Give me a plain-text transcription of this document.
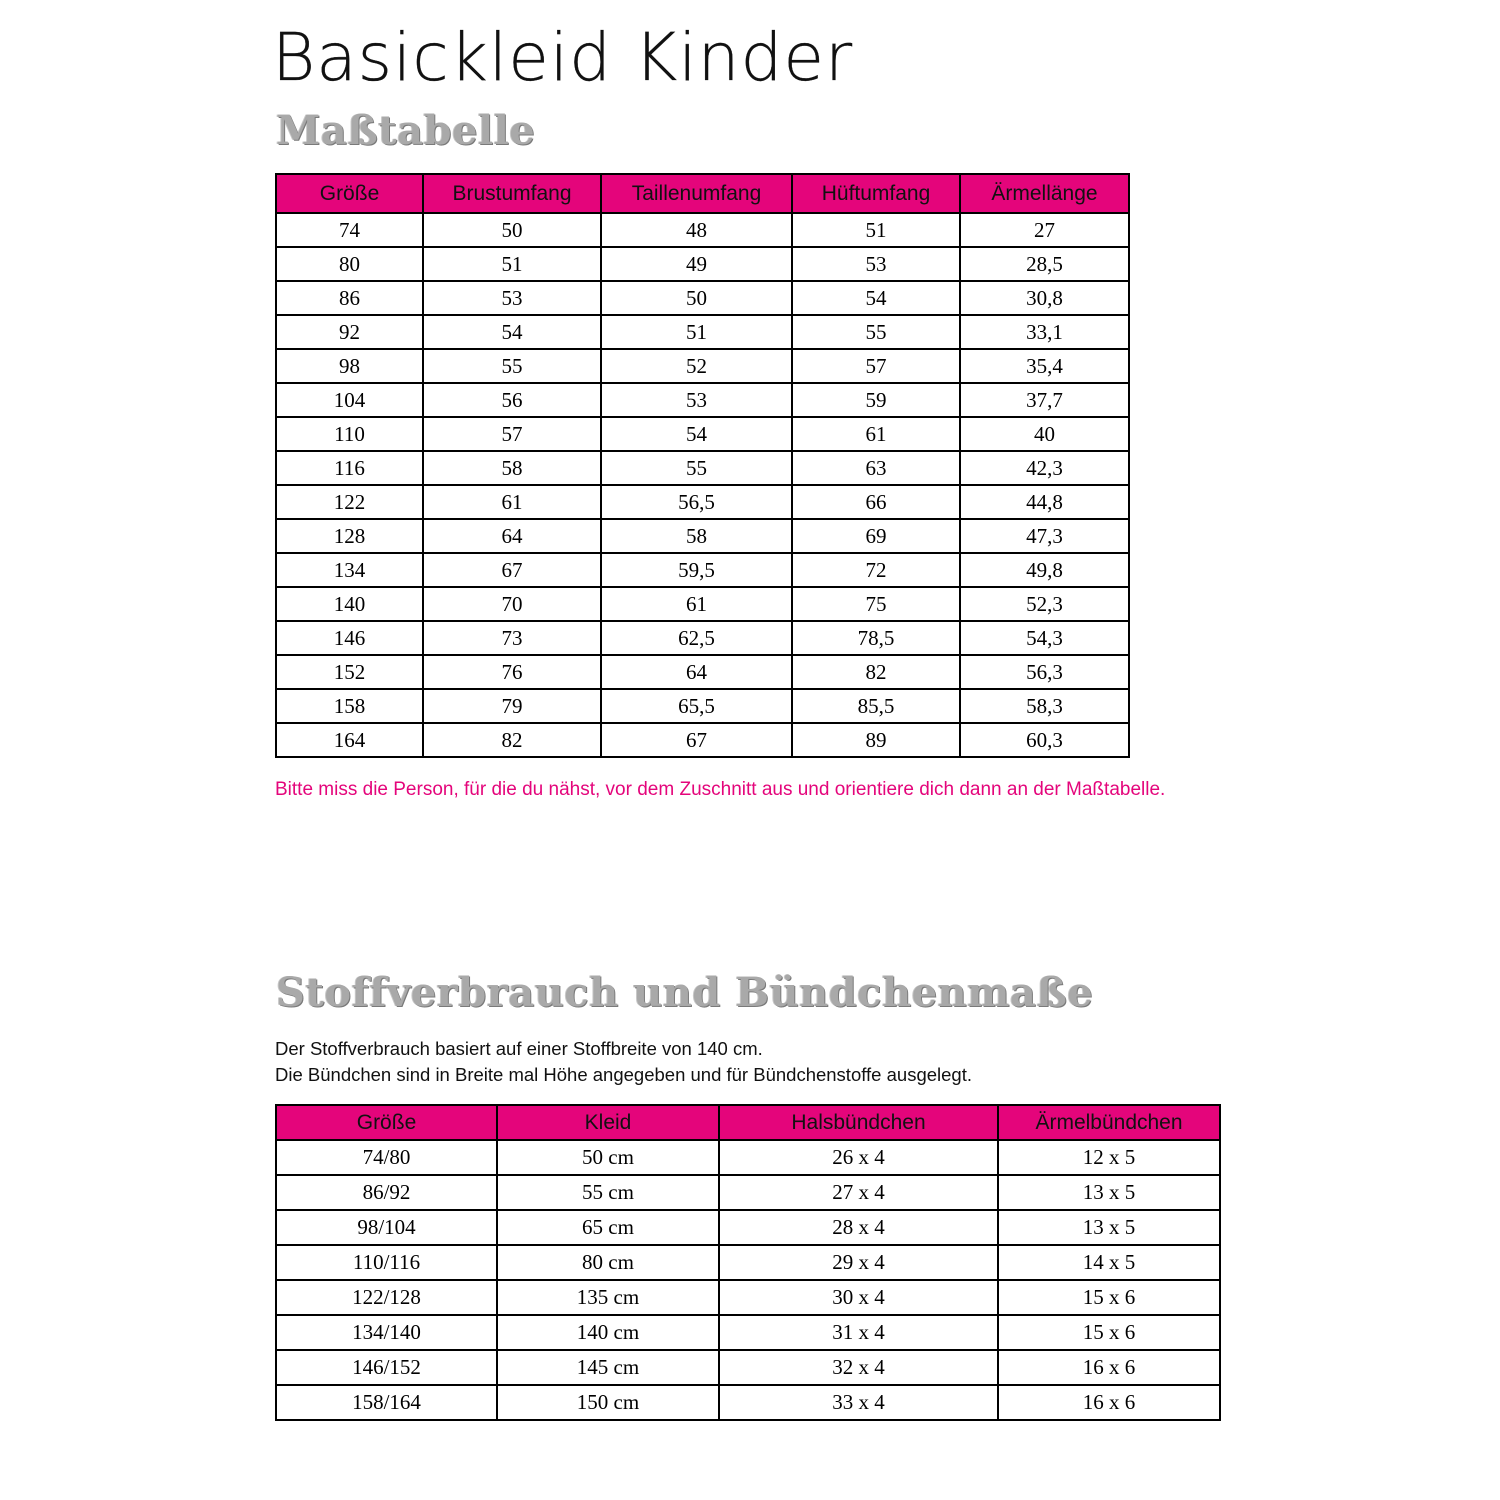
Basickleid Kinder
Maßtabelle
Größe	Brustumfang	Taillenumfang	Hüftumfang	Ärmellänge
74	50	48	51	27
80	51	49	53	28,5
86	53	50	54	30,8
92	54	51	55	33,1
98	55	52	57	35,4
104	56	53	59	37,7
110	57	54	61	40
116	58	55	63	42,3
122	61	56,5	66	44,8
128	64	58	69	47,3
134	67	59,5	72	49,8
140	70	61	75	52,3
146	73	62,5	78,5	54,3
152	76	64	82	56,3
158	79	65,5	85,5	58,3
164	82	67	89	60,3

Bitte miss die Person, für die du nähst, vor dem Zuschnitt aus und orientiere dich dann an der Maßtabelle.

Stoffverbrauch und Bündchenmaße

Der Stoffverbrauch basiert auf einer Stoffbreite von 140 cm.

Die Bündchen sind in Breite mal Höhe angegeben und für Bündchenstoffe ausgelegt.

Größe	Kleid	Halsbündchen	Ärmelbündchen
74/80	50 cm	26 x 4	12 x 5
86/92	55 cm	27 x 4	13 x 5
98/104	65 cm	28 x 4	13 x 5
110/116	80 cm	29 x 4	14 x 5
122/128	135 cm	30 x 4	15 x 6
134/140	140 cm	31 x 4	15 x 6
146/152	145 cm	32 x 4	16 x 6
158/164	150 cm	33 x 4	16 x 6
